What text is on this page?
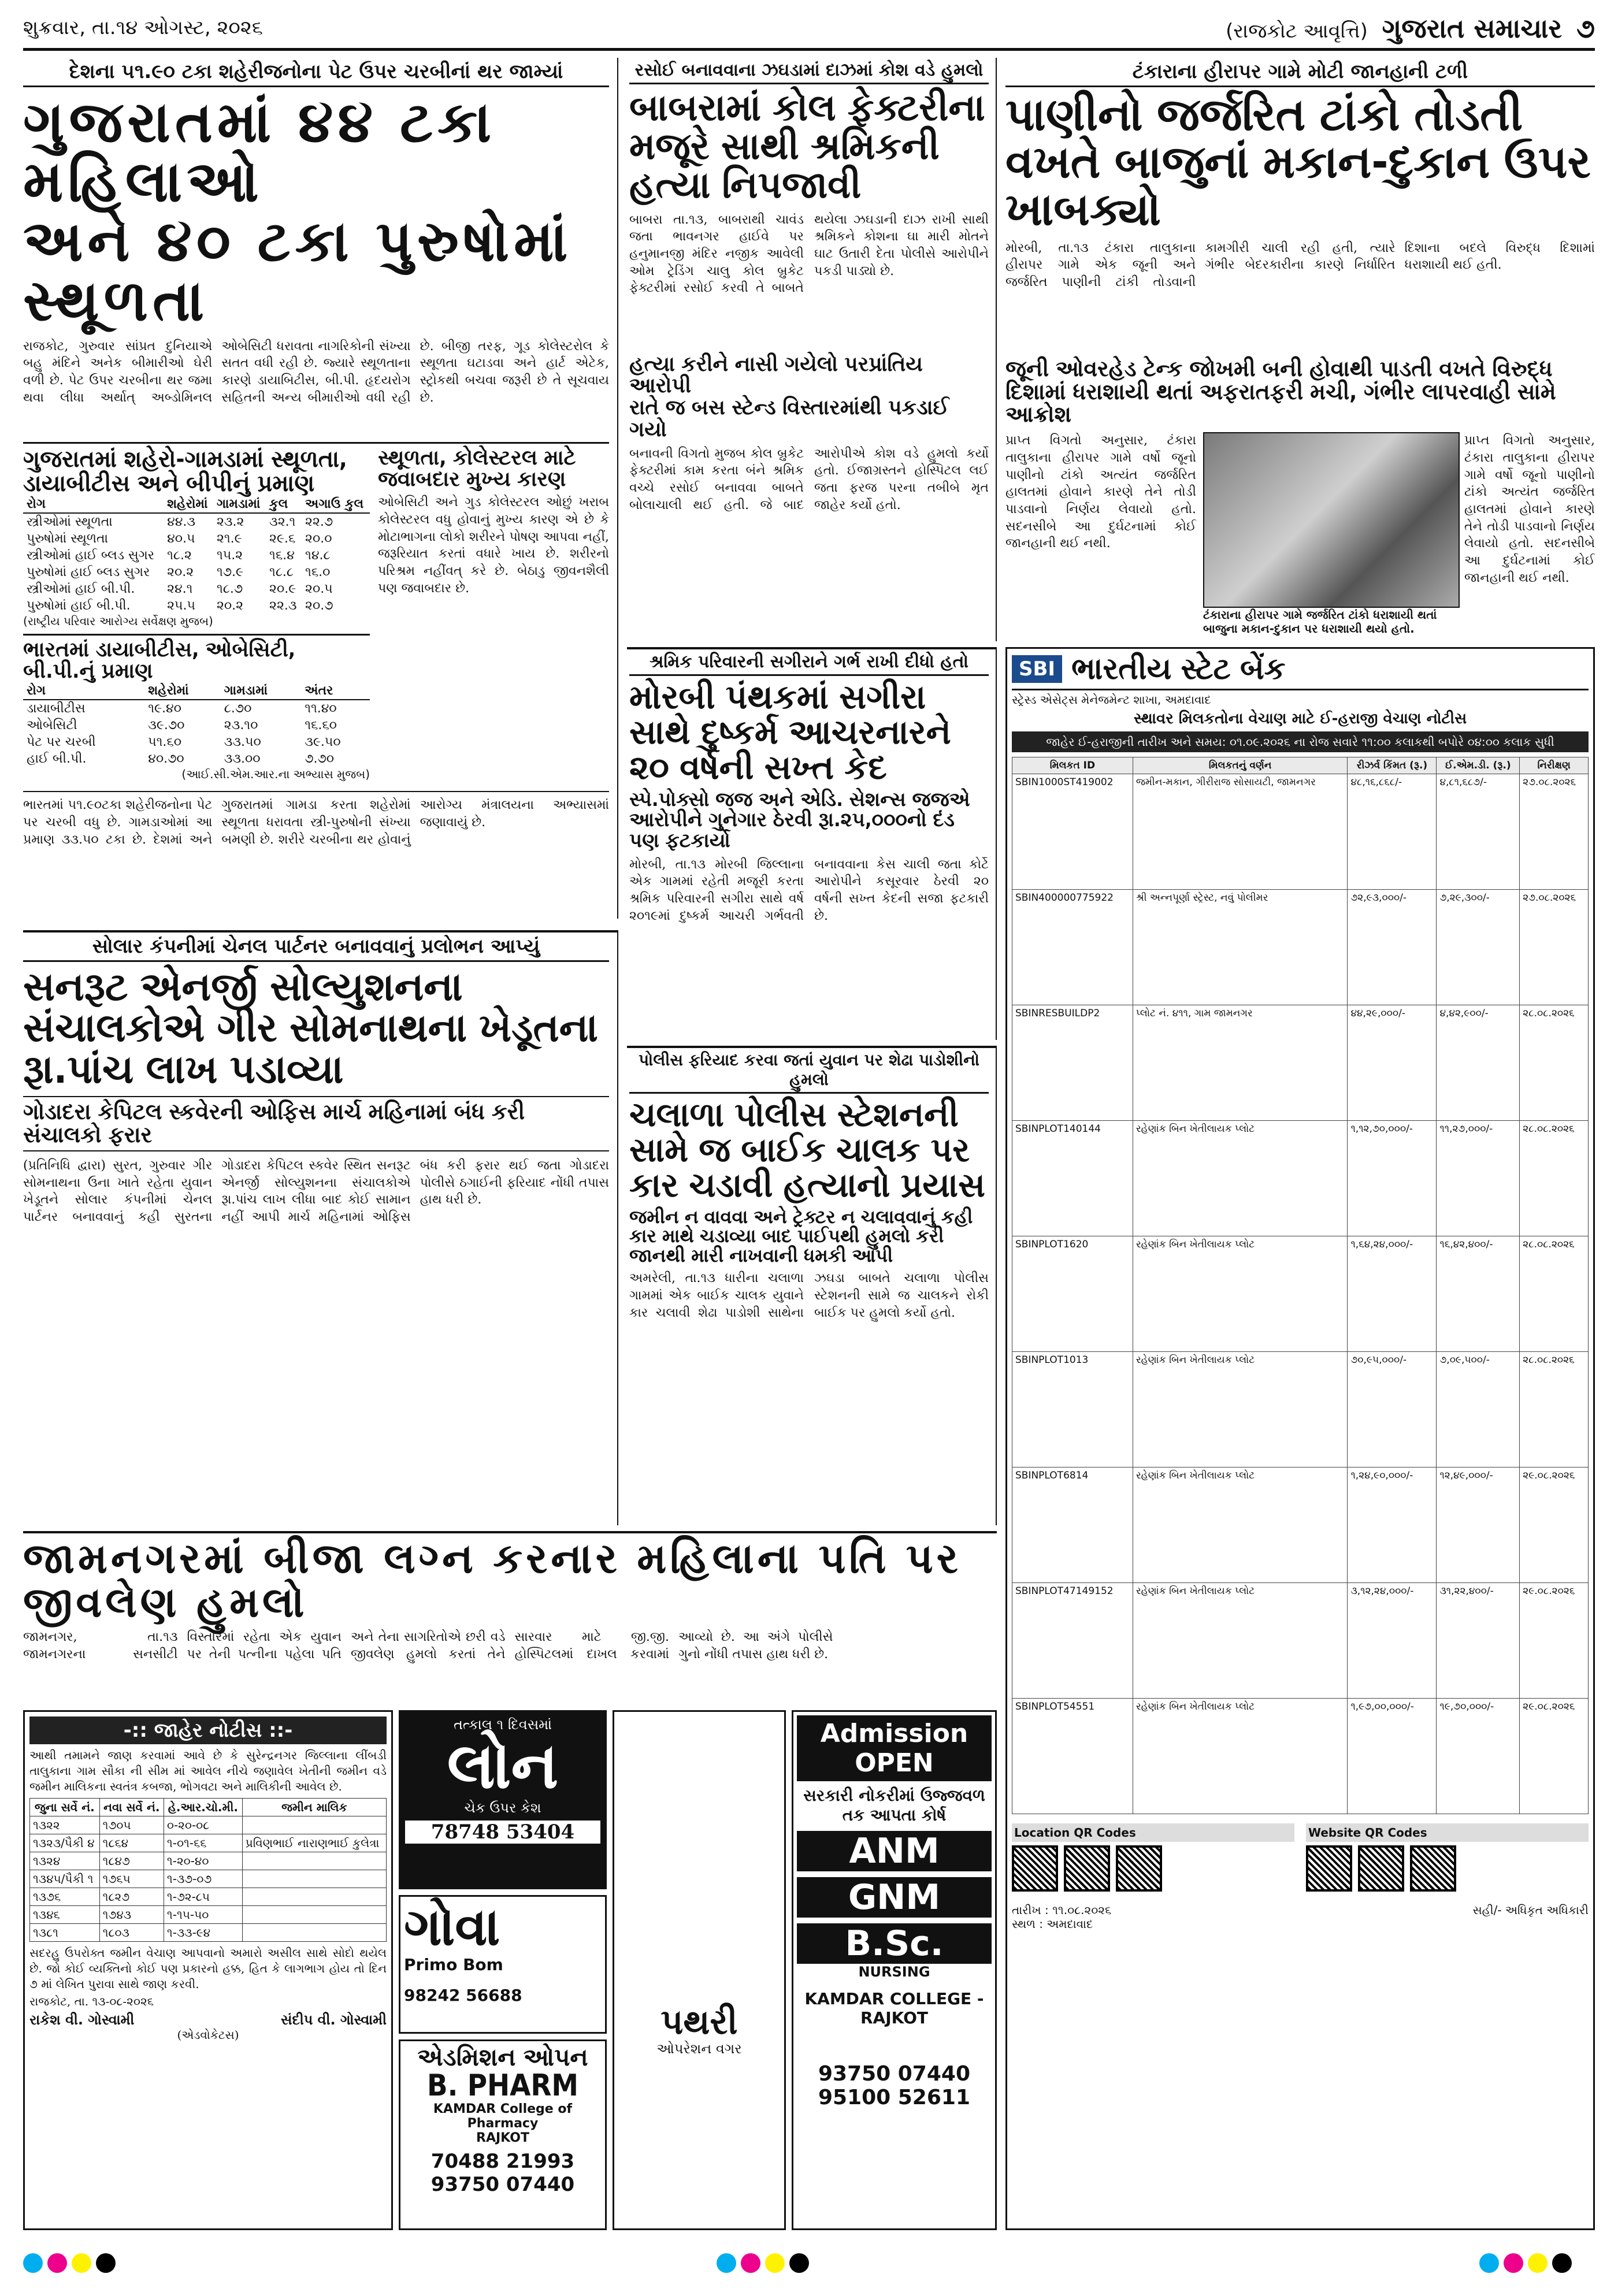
શુક્રવાર, તા.૧૪ ઓગસ્ટ, ૨૦૨૬	(રાજકોટ આવૃત્તિ) ગુજરાત સમાચાર ૭
દેશના ૫૧.૯૦ ટકા શહેરીજનોના પેટ ઉપર ચરબીનાં થર જામ્યાં
ગુજરાતમાં ૪૪ ટકા મહિલાઓ
અને ૪૦ ટકા પુરુષોમાં સ્થૂળતા
રાજકોટ, ગુરુવાર સાંપ્રત દુનિયાએ બહુ મંદિને અનેક બીમારીઓ ઘેરી વળી છે. પેટ ઉપર ચરબીના થર જમા થવા લીધા અર્થાત્ અબ્ડોમિનલ ઓબેસિટી ધરાવતા નાગરિકોની સંખ્યા સતત વધી રહી છે. જ્યારે સ્થૂળતાના કારણે ડાયાબિટીસ, બી.પી. હૃદયરોગ સહિતની અન્ય બીમારીઓ વધી રહી છે. બીજી તરફ, ગૂડ કોલેસ્ટરોલ કે સ્થૂળતા ઘટાડવા અને હાર્ટ એટેક, સ્ટ્રોકથી બચવા જરૂરી છે તે સૂચવાય છે.
ગુજરાતમાં શહેરો-ગામડામાં સ્થૂળતા, ડાયાબીટીસ અને બીપીનું પ્રમાણ
રોગ	શહેરોમાં	ગામડામાં	કુલ	અગાઉ કુલ
સ્ત્રીઓમાં સ્થૂળતા	૪૪.૩	૨૩.૨	૩૨.૧	૨૨.૭
પુરુષોમાં સ્થૂળતા	૪૦.૫	૨૧.૯	૨૯.૬	૨૦.૦
સ્ત્રીઓમાં હાઈ બ્લડ સુગર	૧૮.૨	૧૫.૨	૧૬.૪	૧૪.૮
પુરુષોમાં હાઈ બ્લડ સુગર	૨૦.૨	૧૭.૯	૧૮.૮	૧૬.૦
સ્ત્રીઓમાં હાઈ બી.પી.	૨૪.૧	૧૮.૭	૨૦.૯	૨૦.૫
પુરુષોમાં હાઈ બી.પી.	૨૫.૫	૨૦.૨	૨૨.૩	૨૦.૭
(રાષ્ટ્રીય પરિવાર આરોગ્ય સર્વેક્ષણ મુજબ)
ભારતમાં ડાયાબીટીસ, ઓબેસિટી, બી.પી.નું પ્રમાણ
રોગ	શહેરોમાં	ગામડામાં	અંતર
ડાયાબીટીસ	૧૯.૪૦	૮.૭૦	૧૧.૪૦
ઓબેસિટી	૩૯.૭૦	૨૩.૧૦	૧૬.૬૦
પેટ પર ચરબી	૫૧.૬૦	૩૩.૫૦	૩૯.૫૦
હાઈ બી.પી.	૪૦.૭૦	૩૩.૦૦	૭.૭૦
(આઈ.સી.એમ.આર.ના અભ્યાસ મુજબ)
સ્થૂળતા, કોલેસ્ટરલ માટે જવાબદાર મુખ્ય કારણ
ઓબેસિટી અને ગુડ કોલેસ્ટરલ ઓછું ખરાબ કોલેસ્ટરલ વધુ હોવાનું મુખ્ય કારણ એ છે કે મોટાભાગના લોકો શરીરને પોષણ આપવા નહીં, જરૂરિયાત કરતાં વધારે ખાય છે. શરીરનો પરિશ્રમ નહીંવત્ કરે છે. બેઠાડુ જીવનશૈલી પણ જવાબદાર છે.
ભારતમાં ૫૧.૯૦ટકા શહેરીજનોના પેટ પર ચરબી વધુ છે. ગામડાઓમાં આ પ્રમાણ ૩૩.૫૦ ટકા છે. દેશમાં અને ગુજરાતમાં ગામડા કરતા શહેરોમાં સ્થૂળતા ધરાવતા સ્ત્રી-પુરુષોની સંખ્યા બમણી છે. શરીરે ચરબીના થર હોવાનું આરોગ્ય મંત્રાલયના અભ્યાસમાં જણાવાયું છે.
સોલાર કંપનીમાં ચેનલ પાર્ટનર બનાવવાનું પ્રલોભન આપ્યું
સનરૂટ એનર્જી સોલ્યુશનના સંચાલકોએ ગીર સોમનાથના ખેડૂતના રૂા.પાંચ લાખ પડાવ્યા
ગોડાદરા કેપિટલ સ્કવેરની ઓફિસ માર્ચ મહિનામાં બંધ કરી સંચાલકો ફરાર
(પ્રતિનિધિ દ્વારા) સુરત, ગુરુવાર ગીર સોમનાથના ઉના ખાતે રહેતા યુવાન ખેડૂતને સોલાર કંપનીમાં ચેનલ પાર્ટનર બનાવવાનું કહી સુરતના ગોડાદરા કેપિટલ સ્કવેર સ્થિત સનરૂટ એનર્જી સોલ્યુશનના સંચાલકોએ રૂા.પાંચ લાખ લીધા બાદ કોઈ સામાન નહીં આપી માર્ચ મહિનામાં ઓફિસ બંધ કરી ફરાર થઈ જતા ગોડાદરા પોલીસે ઠગાઈની ફરિયાદ નોંધી તપાસ હાથ ધરી છે.
રસોઈ બનાવવાના ઝઘડામાં દાઝમાં કોશ વડે હુમલો
બાબરામાં કોલ ફેક્ટરીના મજૂરે સાથી શ્રમિકની હત્યા નિપજાવી
બાબરા તા.૧૩, બાબરાથી ચાવંડ જતા ભાવનગર હાઈવે પર હનુમાનજી મંદિર નજીક આવેલી ઓમ ટ્રેડિંગ ચાલુ કોલ બ્રુકેટ ફેક્ટરીમાં રસોઈ કરવી તે બાબતે થયેલા ઝઘડાની દાઝ રાખી સાથી શ્રમિકને કોશના ઘા મારી મોતને ઘાટ ઉતારી દેતા પોલીસે આરોપીને પકડી પાડ્યો છે.
હત્યા કરીને નાસી ગયેલો પરપ્રાંતિય આરોપી
રાતે જ બસ સ્ટેન્ડ વિસ્તારમાંથી પકડાઈ ગયો
બનાવની વિગતો મુજબ કોલ બ્રુકેટ ફેક્ટરીમાં કામ કરતા બંને શ્રમિક વચ્ચે રસોઈ બનાવવા બાબતે બોલાચાલી થઈ હતી. જે બાદ આરોપીએ કોશ વડે હુમલો કર્યો હતો. ઈજાગ્રસ્તને હોસ્પિટલ લઈ જતા ફરજ પરના તબીબે મૃત જાહેર કર્યો હતો.
ટંકારાના હીરાપર ગામે મોટી જાનહાની ટળી
પાણીનો જર્જરિત ટાંકો તોડતી વખતે બાજુનાં મકાન-દુકાન ઉપર ખાબક્યો
મોરબી, તા.૧૩ ટંકારા તાલુકાના હીરાપર ગામે એક જૂની અને જર્જરિત પાણીની ટાંકી તોડવાની કામગીરી ચાલી રહી હતી, ત્યારે ગંભીર બેદરકારીના કારણે નિર્ધારિત દિશાના બદલે વિરુદ્ધ દિશામાં ધરાશાયી થઈ હતી.
જૂની ઓવરહેડ ટેન્ક જોખમી બની હોવાથી પાડતી વખતે વિરુદ્ધ દિશામાં ધરાશાયી થતાં અફરાતફરી મચી, ગંભીર લાપરવાહી સામે આક્રોશ
પ્રાપ્ત વિગતો અનુસાર, ટંકારા તાલુકાના હીરાપર ગામે વર્ષો જૂનો પાણીનો ટાંકો અત્યંત જર્જરિત હાલતમાં હોવાને કારણે તેને તોડી પાડવાનો નિર્ણય લેવાયો હતો. સદનસીબે આ દુર્ઘટનામાં કોઈ જાનહાની થઈ નથી.
ટંકારાના હીરાપર ગામે જર્જરિત ટાંકો ધરાશાયી થતાં બાજુના મકાન-દુકાન પર ધરાશાયી થયો હતો.
પ્રાપ્ત વિગતો અનુસાર, ટંકારા તાલુકાના હીરાપર ગામે વર્ષો જૂનો પાણીનો ટાંકો અત્યંત જર્જરિત હાલતમાં હોવાને કારણે તેને તોડી પાડવાનો નિર્ણય લેવાયો હતો. સદનસીબે આ દુર્ઘટનામાં કોઈ જાનહાની થઈ નથી.
શ્રમિક પરિવારની સગીરાને ગર્ભ રાખી દીધો હતો
મોરબી પંથકમાં સગીરા સાથે દુષ્કર્મ આચરનારને ૨૦ વર્ષની સખ્ત કેદ
સ્પે.પોક્સો જજ અને એડિ. સેશન્સ જજએ આરોપીને ગુનેગાર ઠેરવી રૂા.૨૫,૦૦૦નો દંડ પણ ફટકાર્યો
મોરબી, તા.૧૩ મોરબી જિલ્લાના એક ગામમાં રહેતી મજૂરી કરતા શ્રમિક પરિવારની સગીરા સાથે વર્ષ ૨૦૧૯માં દુષ્કર્મ આચરી ગર્ભવતી બનાવવાના કેસ ચાલી જતા કોર્ટે આરોપીને કસૂરવાર ઠેરવી ૨૦ વર્ષની સખ્ત કેદની સજા ફટકારી છે.
પોલીસ ફરિયાદ કરવા જતાં યુવાન પર શેઢા પાડોશીનો હુમલો
ચલાળા પોલીસ સ્ટેશનની સામે જ બાઈક ચાલક પર કાર ચડાવી હત્યાનો પ્રયાસ
જમીન ન વાવવા અને ટ્રેક્ટર ન ચલાવવાનું કહી કાર માથે ચડાવ્યા બાદ પાઈપથી હુમલો કરી જાનથી મારી નાખવાની ધમકી આપી
અમરેલી, તા.૧૩ ધારીના ચલાળા ગામમાં એક બાઈક ચાલક યુવાને કાર ચલાવી શેઢા પાડોશી સાથેના ઝઘડા બાબતે ચલાળા પોલીસ સ્ટેશનની સામે જ ચાલકને રોકી બાઈક પર હુમલો કર્યો હતો.
SBI ભારતીય સ્ટેટ બેંક
સ્ટ્રેસ્ડ એસેટ્સ મેનેજમેન્ટ શાખા, અમદાવાદ
સ્થાવર મિલકતોના વેચાણ માટે ઈ-હરાજી વેચાણ નોટીસ
જાહેર ઈ-હરાજીની તારીખ અને સમય: ૦૧.૦૯.૨૦૨૬ ના રોજ સવારે ૧૧:૦૦ કલાકથી બપોરે ૦૪:૦૦ કલાક સુધી
મિલકત ID	મિલકતનું વર્ણન	રીઝર્વ કિંમત (રૂ.)	ઈ.એમ.ડી. (રૂ.)	નિરીક્ષણ
SBIN1000ST419002	જમીન-મકાન, ગીરીરાજ સોસાયટી, જામનગર	૪૮,૧૬,૮૬૮/-	૪,૮૧,૬૮૭/-	૨૭.૦૮.૨૦૨૬
SBIN400000775922	શ્રી અન્નપૂર્ણા સ્ટ્રેસ્ટ, નવું પોલીમર	૭૨,૯૩,૦૦૦/-	૭,૨૯,૩૦૦/-	૨૭.૦૮.૨૦૨૬
SBINRESBUILDP2	પ્લોટ નં. ૪૧૧, ગામ જામનગર	૪૪,૨૯,૦૦૦/-	૪,૪૨,૯૦૦/-	૨૮.૦૮.૨૦૨૬
SBINPLOT140144	રહેણાંક બિન ખેતીલાયક પ્લોટ	૧,૧૨,૭૦,૦૦૦/-	૧૧,૨૭,૦૦૦/-	૨૮.૦૮.૨૦૨૬
SBINPLOT1620	રહેણાંક બિન ખેતીલાયક પ્લોટ	૧,૬૪,૨૪,૦૦૦/-	૧૬,૪૨,૪૦૦/-	૨૮.૦૮.૨૦૨૬
SBINPLOT1013	રહેણાંક બિન ખેતીલાયક પ્લોટ	૭૦,૯૫,૦૦૦/-	૭,૦૯,૫૦૦/-	૨૮.૦૮.૨૦૨૬
SBINPLOT6814	રહેણાંક બિન ખેતીલાયક પ્લોટ	૧,૨૪,૯૦,૦૦૦/-	૧૨,૪૯,૦૦૦/-	૨૯.૦૮.૨૦૨૬
SBINPLOT47149152	રહેણાંક બિન ખેતીલાયક પ્લોટ	૩,૧૨,૨૪,૦૦૦/-	૩૧,૨૨,૪૦૦/-	૨૯.૦૮.૨૦૨૬
SBINPLOT54551	રહેણાંક બિન ખેતીલાયક પ્લોટ	૧,૯૭,૦૦,૦૦૦/-	૧૯,૭૦,૦૦૦/-	૨૯.૦૮.૨૦૨૬
Location QR Codes	Website QR Codes
તારીખ : ૧૧.૦૮.૨૦૨૬
સ્થળ : અમદાવાદ
સહી/- અધિકૃત અધિકારી
જામનગરમાં બીજા લગ્ન કરનાર મહિલાના પતિ પર જીવલેણ હુમલો
જામનગર, તા.૧૩ જામનગરના સનસીટી વિસ્તારમાં રહેતા એક યુવાન પર તેની પત્નીના પહેલા પતિ અને તેના સાગરિતોએ છરી વડે જીવલેણ હુમલો કરતાં તેને સારવાર માટે જી.જી. હોસ્પિટલમાં દાખલ કરવામાં આવ્યો છે. આ અંગે પોલીસે ગુનો નોંધી તપાસ હાથ ધરી છે.
-:: જાહેર નોટીસ ::-
આથી તમામને જાણ કરવામાં આવે છે કે સુરેન્દ્રનગર જિલ્લાના લીંબડી તાલુકાના ગામ સૌકા ની સીમ માં આવેલ નીચે જણાવેલ ખેતીની જમીન વડે જમીન માલિકના સ્વતંત્ર કબજા, ભોગવટા અને માલિકીની આવેલ છે.
જુના સર્વે નં.	નવા સર્વે નં.	હે.આર.ચો.મી.	જમીન માલિક
૧૩૨૨	૧૭૦૫	૦-૨૦-૦૮	
૧૩૨૩/પૈકી ૪	૧૮૬૪	૧-૦૧-૬૬	પ્રવિણભાઈ નારાણભાઈ કુલેત્રા
૧૩૨૪	૧૮૪૭	૧-૨૦-૪૦	
૧૩૪૫/પૈકી ૧	૧૭૬૫	૧-૩૭-૦૭	
૧૩૭૬	૧૮૨૭	૧-૭૨-૮૫	
૧૩૪૬	૧૭૪૩	૧-૧૫-૫૦	
૧૩૮૧	૧૮૦૩	૧-૩૩-૯૪	
સદરહુ ઉપરોક્ત જમીન વેચાણ આપવાનો અમારો અસીલ સાથે સોદો થયેલ છે. જો કોઈ વ્યક્તિનો કોઈ પણ પ્રકારનો હક્ક, હિત કે લાગભાગ હોય તો દિન ૭ માં લેખિત પુરાવા સાથે જાણ કરવી.
રાજકોટ, તા. ૧૩-૦૮-૨૦૨૬
રાકેશ વી. ગોસ્વામી	સંદીપ વી. ગોસ્વામી
(એડવોકેટસ)
તત્કાલ ૧ દિવસમાં
લોન
ચેક ઉપર કેશ
78748 53404
ગોવા
Primo Bom
98242 56688
એડમિશન ઓપન
B. PHARM
KAMDAR College of Pharmacy
RAJKOT
70488 21993
93750 07440
પથરી
ઓપરેશન વગર
Admission OPEN
સરકારી નોકરીમાં ઉજ્જવળ તક આપતા કોર્ષ
ANM
GNM
B.Sc.
NURSING
KAMDAR COLLEGE - RAJKOT
93750 07440
95100 52611
